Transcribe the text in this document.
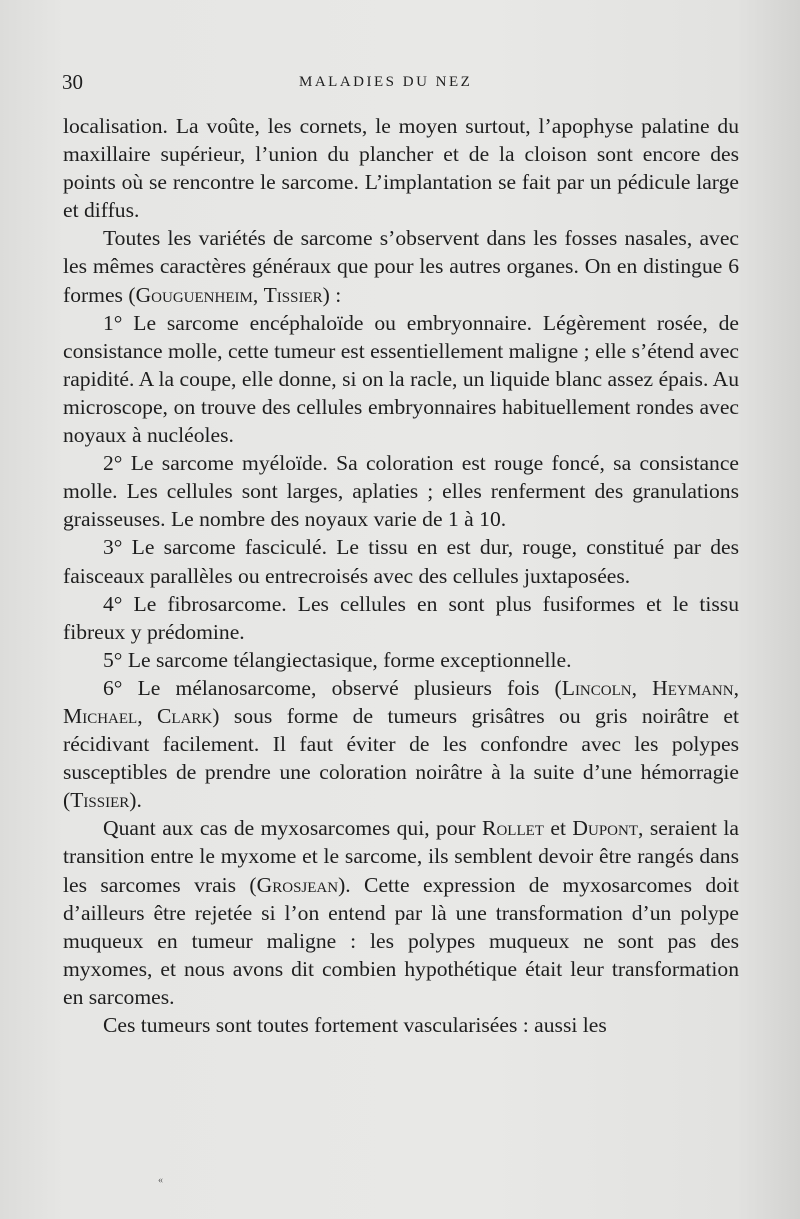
30	MALADIES DU NEZ

localisation. La voûte, les cornets, le moyen surtout, l’apophyse palatine du maxillaire supérieur, l’union du plancher et de la cloison sont encore des points où se rencontre le sarcome. L’implantation se fait par un pédicule large et diffus.

Toutes les variétés de sarcome s’observent dans les fosses nasales, avec les mêmes caractères généraux que pour les autres organes. On en distingue 6 formes (Gouguenheim, Tissier) :

1° Le sarcome encéphaloïde ou embryonnaire. Légèrement rosée, de consistance molle, cette tumeur est essentiellement maligne ; elle s’étend avec rapidité. A la coupe, elle donne, si on la racle, un liquide blanc assez épais. Au microscope, on trouve des cellules embryonnaires habituellement rondes avec noyaux à nucléoles.

2° Le sarcome myéloïde. Sa coloration est rouge foncé, sa consistance molle. Les cellules sont larges, aplaties ; elles renferment des granulations graisseuses. Le nombre des noyaux varie de 1 à 10.

3° Le sarcome fasciculé. Le tissu en est dur, rouge, constitué par des faisceaux parallèles ou entrecroisés avec des cellules juxtaposées.

4° Le fibrosarcome. Les cellules en sont plus fusiformes et le tissu fibreux y prédomine.

5° Le sarcome télangiectasique, forme exceptionnelle.

6° Le mélanosarcome, observé plusieurs fois (Lincoln, Heymann, Michael, Clark) sous forme de tumeurs grisâtres ou gris noirâtre et récidivant facilement. Il faut éviter de les confondre avec les polypes susceptibles de prendre une coloration noirâtre à la suite d’une hémorragie (Tissier).

Quant aux cas de myxosarcomes qui, pour Rollet et Dupont, seraient la transition entre le myxome et le sarcome, ils semblent devoir être rangés dans les sarcomes vrais (Grosjean). Cette expression de myxosarcomes doit d’ailleurs être rejetée si l’on entend par là une transformation d’un polype muqueux en tumeur maligne : les polypes muqueux ne sont pas des myxomes, et nous avons dit combien hypothétique était leur transformation en sarcomes.

Ces tumeurs sont toutes fortement vascularisées : aussi les

«
